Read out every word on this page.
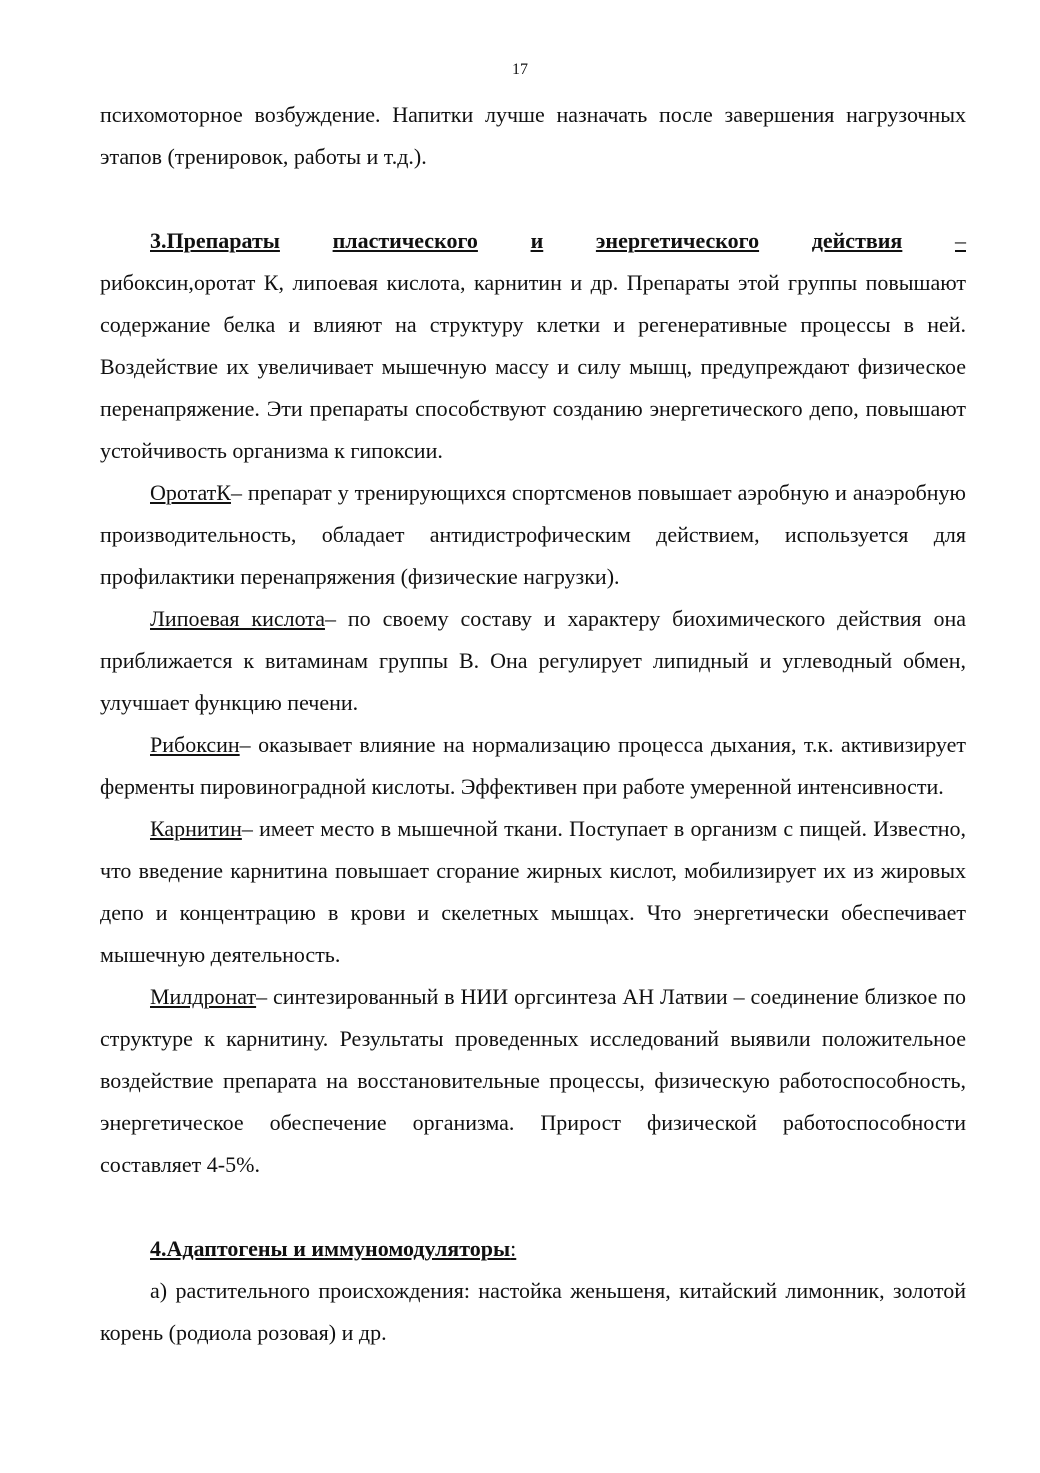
17

психомоторное возбуждение. Напитки лучше назначать после завершения нагрузочных этапов (тренировок, работы и т.д.).

3.Препараты пластического и энергетического действия –

рибоксин,оротат К, липоевая кислота, карнитин и др. Препараты этой группы повышают содержание белка и влияют на структуру клетки и регенеративные процессы в ней. Воздействие их увеличивает мышечную массу и силу мышц, предупреждают физическое перенапряжение. Эти препараты способствуют созданию энергетического депо, повышают устойчивость организма к гипоксии.

ОротатК– препарат у тренирующихся спортсменов повышает аэробную и анаэробную производительность, обладает антидистрофическим действием, используется для профилактики перенапряжения (физические нагрузки).

Липоевая кислота– по своему составу и характеру биохимического действия она приближается к витаминам группы В. Она регулирует липидный и углеводный обмен, улучшает функцию печени.

Рибоксин– оказывает влияние на нормализацию процесса дыхания, т.к. активизирует ферменты пировиноградной кислоты. Эффективен при работе умеренной интенсивности.

Карнитин– имеет место в мышечной ткани. Поступает в организм с пищей. Известно, что введение карнитина повышает сгорание жирных кислот, мобилизирует их из жировых депо и концентрацию в крови и скелетных мышцах. Что энергетически обеспечивает мышечную деятельность.

Милдронат– синтезированный в НИИ оргсинтеза АН Латвии – соединение близкое по структуре к карнитину. Результаты проведенных исследований выявили положительное воздействие препарата на восстановительные процессы, физическую работоспособность, энергетическое обеспечение организма. Прирост физической работоспособности составляет 4-5%.

4.Адаптогены и иммуномодуляторы:

а) растительного происхождения: настойка женьшеня, китайский лимонник, золотой корень (родиола розовая) и др.
